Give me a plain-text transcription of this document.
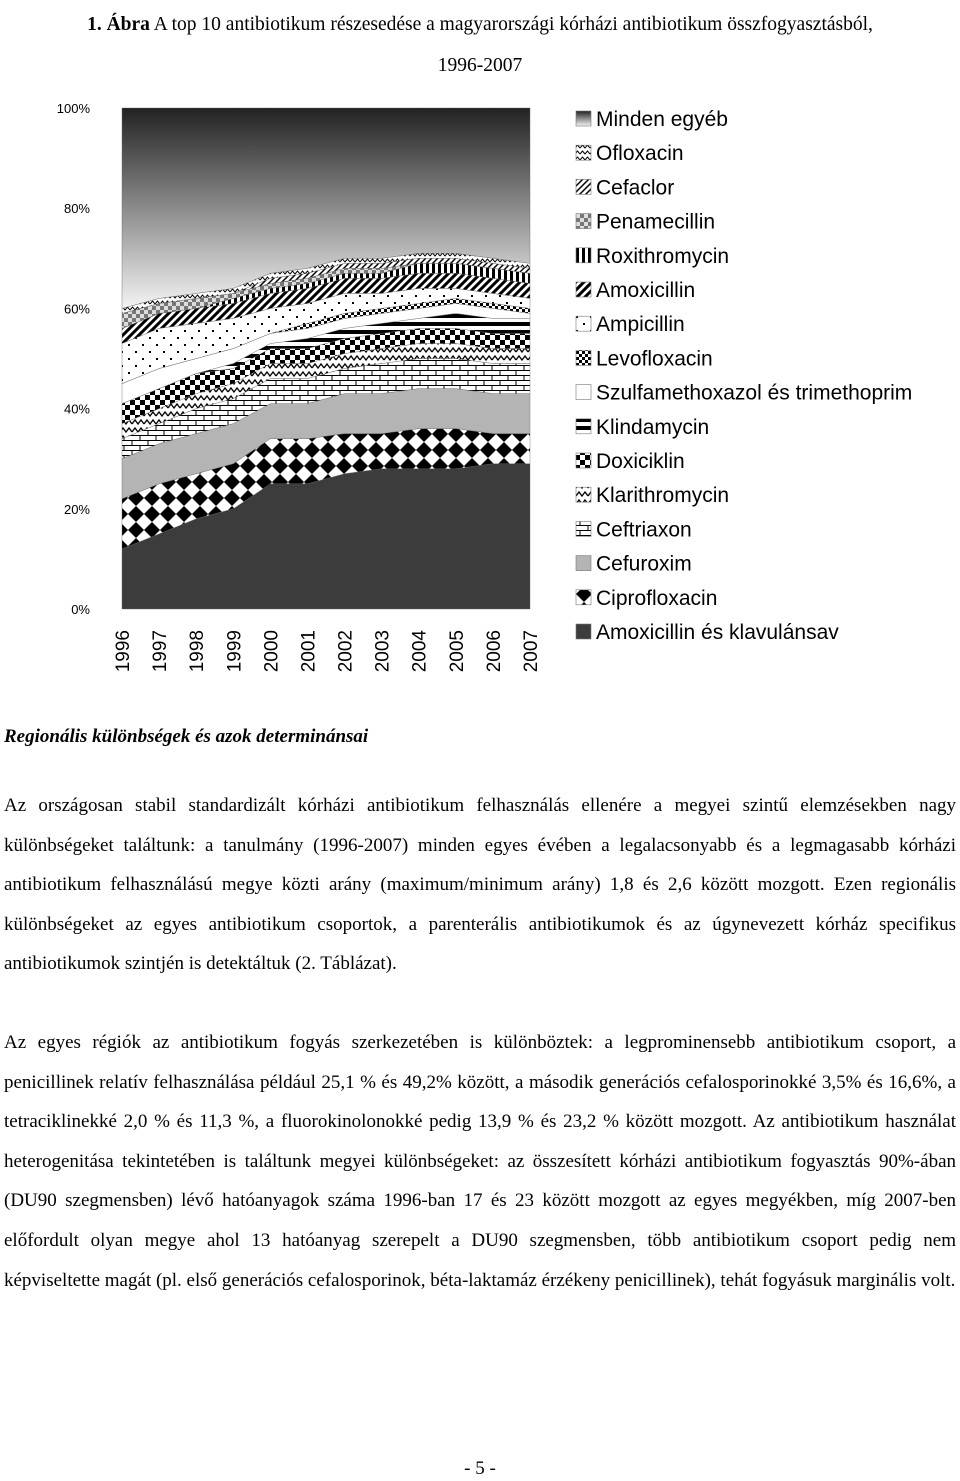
1. Ábra A top 10 antibiotikum részesedése a magyarországi kórházi antibiotikum összfogyasztásból,
1996-2007
0%
20%
40%
60%
80%
100%
1996 1997 1998 1999 2000 2001 2002 2003 2004 2005 2006 2007
Minden egyéb
Ofloxacin
Cefaclor
Penamecillin
Roxithromycin
Amoxicillin
Ampicillin
Levofloxacin
Szulfamethoxazol és trimethoprim
Klindamycin
Doxiciklin
Klarithromycin
Ceftriaxon
Cefuroxim
Ciprofloxacin
Amoxicillin és klavulánsav
Regionális különbségek és azok determinánsai

Az országosan stabil standardizált kórházi antibiotikum felhasználás ellenére a megyei szintű elemzésekben nagy különbségeket találtunk: a tanulmány (1996-2007) minden egyes évében a legalacsonyabb és a legmagasabb kórházi antibiotikum felhasználású megye közti arány (maximum/minimum arány) 1,8 és 2,6 között mozgott. Ezen regionális különbségeket az egyes antibiotikum csoportok, a parenterális antibiotikumok és az úgynevezett kórház specifikus antibiotikumok szintjén is detektáltuk (2. Táblázat).

Az egyes régiók az antibiotikum fogyás szerkezetében is különböztek: a legprominensebb antibiotikum csoport, a penicillinek relatív felhasználása például 25,1 % és 49,2% között, a második generációs cefalosporinokké 3,5% és 16,6%, a tetraciklinekké 2,0 % és 11,3 %, a fluorokinolonokké pedig 13,9 % és 23,2 % között mozgott. Az antibiotikum használat heterogenitása tekintetében is találtunk megyei különbségeket: az összesített kórházi antibiotikum fogyasztás 90%-ában (DU90 szegmensben) lévő hatóanyagok száma 1996-ban 17 és 23 között mozgott az egyes megyékben, míg 2007-ben előfordult olyan megye ahol 13 hatóanyag szerepelt a DU90 szegmensben, több antibiotikum csoport pedig nem képviseltette magát (pl. első generációs cefalosporinok, béta-laktamáz érzékeny penicillinek), tehát fogyásuk marginális volt.

- 5 -
